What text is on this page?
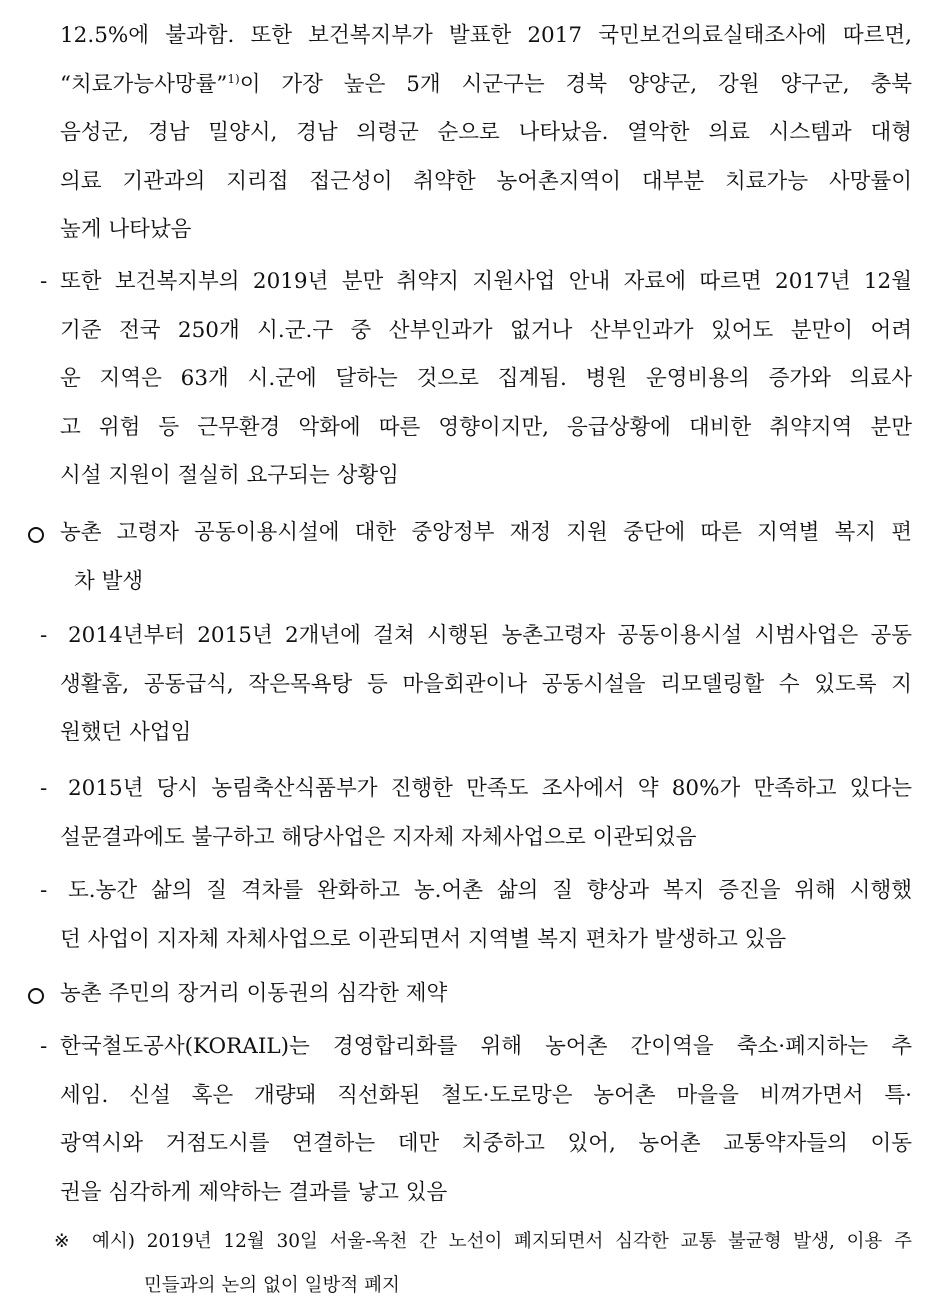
12.5%에 불과함. 또한 보건복지부가 발표한 2017 국민보건의료실태조사에 따르면,
“치료가능사망률”$^{1)}$이 가장 높은 5개 시군구는 경북 양양군, 강원 양구군, 충북
음성군, 경남 밀양시, 경남 의령군 순으로 나타났음. 열악한 의료 시스템과 대형
의료 기관과의 지리접 접근성이 취약한 농어촌지역이 대부분 치료가능 사망률이
높게 나타났음
- 또한 보건복지부의 2019년 분만 취약지 지원사업 안내 자료에 따르면 2017년 12월
기준 전국 250개 시.군.구 중 산부인과가 없거나 산부인과가 있어도 분만이 어려
운 지역은 63개 시.군에 달하는 것으로 집계됨. 병원 운영비용의 증가와 의료사
고 위험 등 근무환경 악화에 따른 영향이지만, 응급상황에 대비한 취약지역 분만
시설 지원이 절실히 요구되는 상황임
농촌 고령자 공동이용시설에 대한 중앙정부 재정 지원 중단에 따른 지역별 복지 편
차 발생
- 2014년부터 2015년 2개년에 걸쳐 시행된 농촌고령자 공동이용시설 시범사업은 공동
생활홈, 공동급식, 작은목욕탕 등 마을회관이나 공동시설을 리모델링할 수 있도록 지
원했던 사업임
- 2015년 당시 농림축산식품부가 진행한 만족도 조사에서 약 80%가 만족하고 있다는
설문결과에도 불구하고 해당사업은 지자체 자체사업으로 이관되었음
- 도.농간 삶의 질 격차를 완화하고 농.어촌 삶의 질 향상과 복지 증진을 위해 시행했
던 사업이 지자체 자체사업으로 이관되면서 지역별 복지 편차가 발생하고 있음
농촌 주민의 장거리 이동권의 심각한 제약
- 한국철도공사(KORAIL)는 경영합리화를 위해 농어촌 간이역을 축소·폐지하는 추
세임. 신설 혹은 개량돼 직선화된 철도·도로망은 농어촌 마을을 비껴가면서 특·
광역시와 거점도시를 연결하는 데만 치중하고 있어, 농어촌 교통약자들의 이동
권을 심각하게 제약하는 결과를 낳고 있음
※	예시) 2019년 12월 30일 서울-옥천 간 노선이 폐지되면서 심각한 교통 불균형 발생, 이용 주
민들과의 논의 없이 일방적 폐지
